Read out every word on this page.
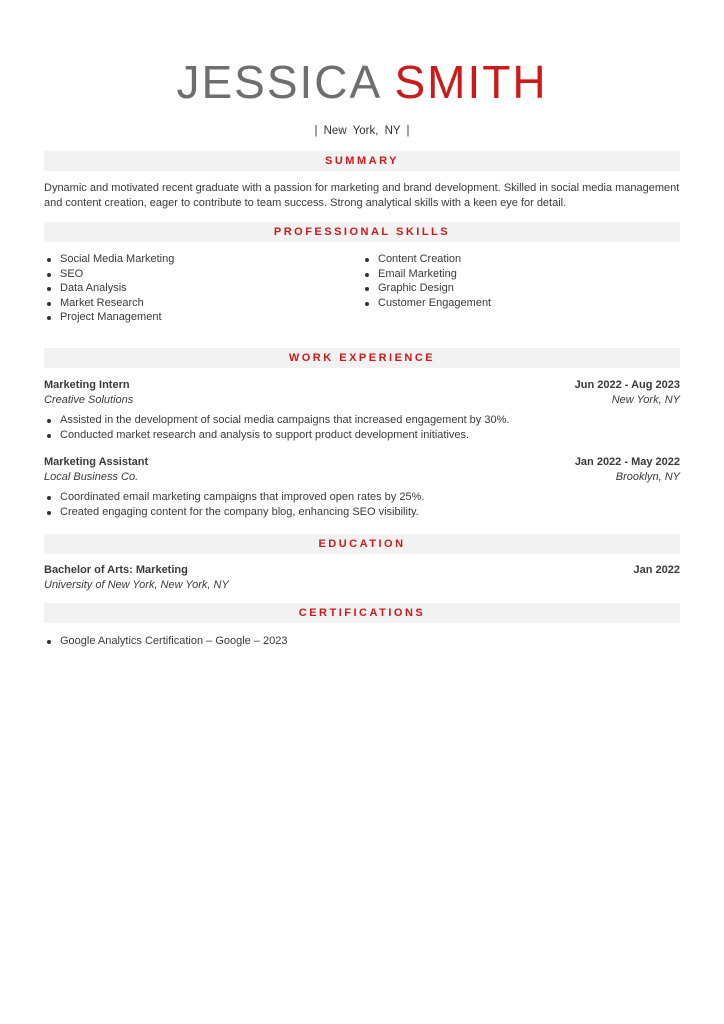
JESSICA SMITH
| New York, NY |
SUMMARY
Dynamic and motivated recent graduate with a passion for marketing and brand development. Skilled in social media management and content creation, eager to contribute to team success. Strong analytical skills with a keen eye for detail.
PROFESSIONAL SKILLS
Social Media Marketing
SEO
Data Analysis
Market Research
Project Management
Content Creation
Email Marketing
Graphic Design
Customer Engagement
WORK EXPERIENCE
Marketing Intern	Jun 2022 - Aug 2023
Creative Solutions	New York, NY
Assisted in the development of social media campaigns that increased engagement by 30%.
Conducted market research and analysis to support product development initiatives.
Marketing Assistant	Jan 2022 - May 2022
Local Business Co.	Brooklyn, NY
Coordinated email marketing campaigns that improved open rates by 25%.
Created engaging content for the company blog, enhancing SEO visibility.
EDUCATION
Bachelor of Arts: Marketing	Jan 2022
University of New York, New York, NY
CERTIFICATIONS
Google Analytics Certification – Google – 2023
